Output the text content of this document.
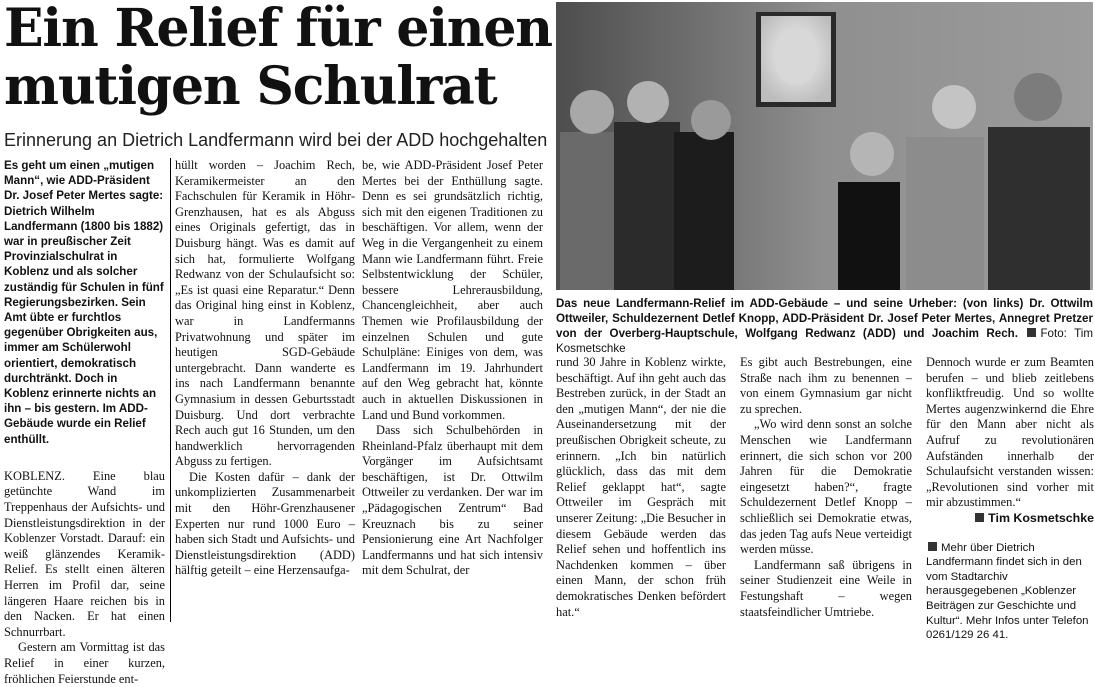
Ein Relief für einen
mutigen Schulrat
Erinnerung an Dietrich Landfermann wird bei der ADD hochgehalten

Es geht um einen „mutigen Mann“, wie ADD-Präsident Dr. Josef Peter Mertes sagte: Dietrich Wilhelm Landfermann (1800 bis 1882) war in preußischer Zeit Provinzialschulrat in Koblenz und als solcher zuständig für Schulen in fünf Regierungsbezirken. Sein Amt übte er furchtlos gegenüber Obrigkeiten aus, immer am Schülerwohl orientiert, demokratisch durchtränkt. Doch in Koblenz erinnerte nichts an ihn – bis gestern. Im ADD-Gebäude wurde ein Relief enthüllt.

KOBLENZ. Eine blau getünchte Wand im Treppenhaus der Aufsichts- und Dienstleistungsdirektion in der Koblenzer Vorstadt. Darauf: ein weiß glänzendes Keramik-Relief. Es stellt einen älteren Herren im Profil dar, seine längeren Haare reichen bis in den Nacken. Er hat einen Schnurrbart.

Gestern am Vormittag ist das Relief in einer kurzen, fröhlichen Feierstunde ent-

hüllt worden – Joachim Rech, Keramikermeister an den Fachschulen für Keramik in Höhr-Grenzhausen, hat es als Abguss eines Originals gefertigt, das in Duisburg hängt. Was es damit auf sich hat, formulierte Wolfgang Redwanz von der Schulaufsicht so: „Es ist quasi eine Reparatur.“ Denn das Original hing einst in Koblenz, war in Landfermanns Privatwohnung und später im heutigen SGD-Gebäude untergebracht. Dann wanderte es ins nach Landfermann benannte Gymnasium in dessen Geburtsstadt Duisburg. Und dort verbrachte Rech auch gut 16 Stunden, um den handwerklich hervorragenden Abguss zu fertigen.

Die Kosten dafür – dank der unkomplizierten Zusammenarbeit mit den Höhr-Grenzhausener Experten nur rund 1000 Euro – haben sich Stadt und Aufsichts- und Dienstleistungsdirektion (ADD) hälftig geteilt – eine Herzensaufga-

be, wie ADD-Präsident Josef Peter Mertes bei der Enthüllung sagte. Denn es sei grundsätzlich richtig, sich mit den eigenen Traditionen zu beschäftigen. Vor allem, wenn der Weg in die Vergangenheit zu einem Mann wie Landfermann führt. Freie Selbstentwicklung der Schüler, bessere Lehrerausbildung, Chancengleichheit, aber auch Themen wie Profilausbildung der einzelnen Schulen und gute Schulpläne: Einiges von dem, was Landfermann im 19. Jahrhundert auf den Weg gebracht hat, könnte auch in aktuellen Diskussionen in Land und Bund vorkommen.

Dass sich Schulbehörden in Rheinland-Pfalz überhaupt mit dem Vorgänger im Aufsichtsamt beschäftigen, ist Dr. Ottwilm Ottweiler zu verdanken. Der war im „Pädagogischen Zentrum“ Bad Kreuznach bis zu seiner Pensionierung eine Art Nachfolger Landfermanns und hat sich intensiv mit dem Schulrat, der

Das neue Landfermann-Relief im ADD-Gebäude – und seine Urheber: (von links) Dr. Ottwilm Ottweiler, Schuldezernent Detlef Knopp, ADD-Präsident Dr. Josef Peter Mertes, Annegret Pretzer von der Overberg-Hauptschule, Wolfgang Redwanz (ADD) und Joachim Rech. Foto: Tim Kosmetschke

rund 30 Jahre in Koblenz wirkte, beschäftigt. Auf ihn geht auch das Bestreben zurück, in der Stadt an den „mutigen Mann“, der nie die Auseinandersetzung mit der preußischen Obrigkeit scheute, zu erinnern. „Ich bin natürlich glücklich, dass das mit dem Relief geklappt hat“, sagte Ottweiler im Gespräch mit unserer Zeitung: „Die Besucher in diesem Gebäude werden das Relief sehen und hoffentlich ins Nachdenken kommen – über einen Mann, der schon früh demokratisches Denken befördert hat.“

Es gibt auch Bestrebungen, eine Straße nach ihm zu benennen – von einem Gymnasium gar nicht zu sprechen.

„Wo wird denn sonst an solche Menschen wie Landfermann erinnert, die sich schon vor 200 Jahren für die Demokratie eingesetzt haben?“, fragte Schuldezernent Detlef Knopp – schließlich sei Demokratie etwas, das jeden Tag aufs Neue verteidigt werden müsse.

Landfermann saß übrigens in seiner Studienzeit eine Weile in Festungshaft – wegen staatsfeindlicher Umtriebe.

Dennoch wurde er zum Beamten berufen – und blieb zeitlebens konfliktfreudig. Und so wollte Mertes augenzwinkernd die Ehre für den Mann aber nicht als Aufruf zu revolutionären Aufständen innerhalb der Schulaufsicht verstanden wissen: „Revolutionen sind vorher mit mir abzustimmen.“

Tim Kosmetschke

Mehr über Dietrich Landfermann findet sich in den vom Stadtarchiv herausgegebenen „Koblenzer Beiträgen zur Geschichte und Kultur“. Mehr Infos unter Telefon 0261/129 26 41.
